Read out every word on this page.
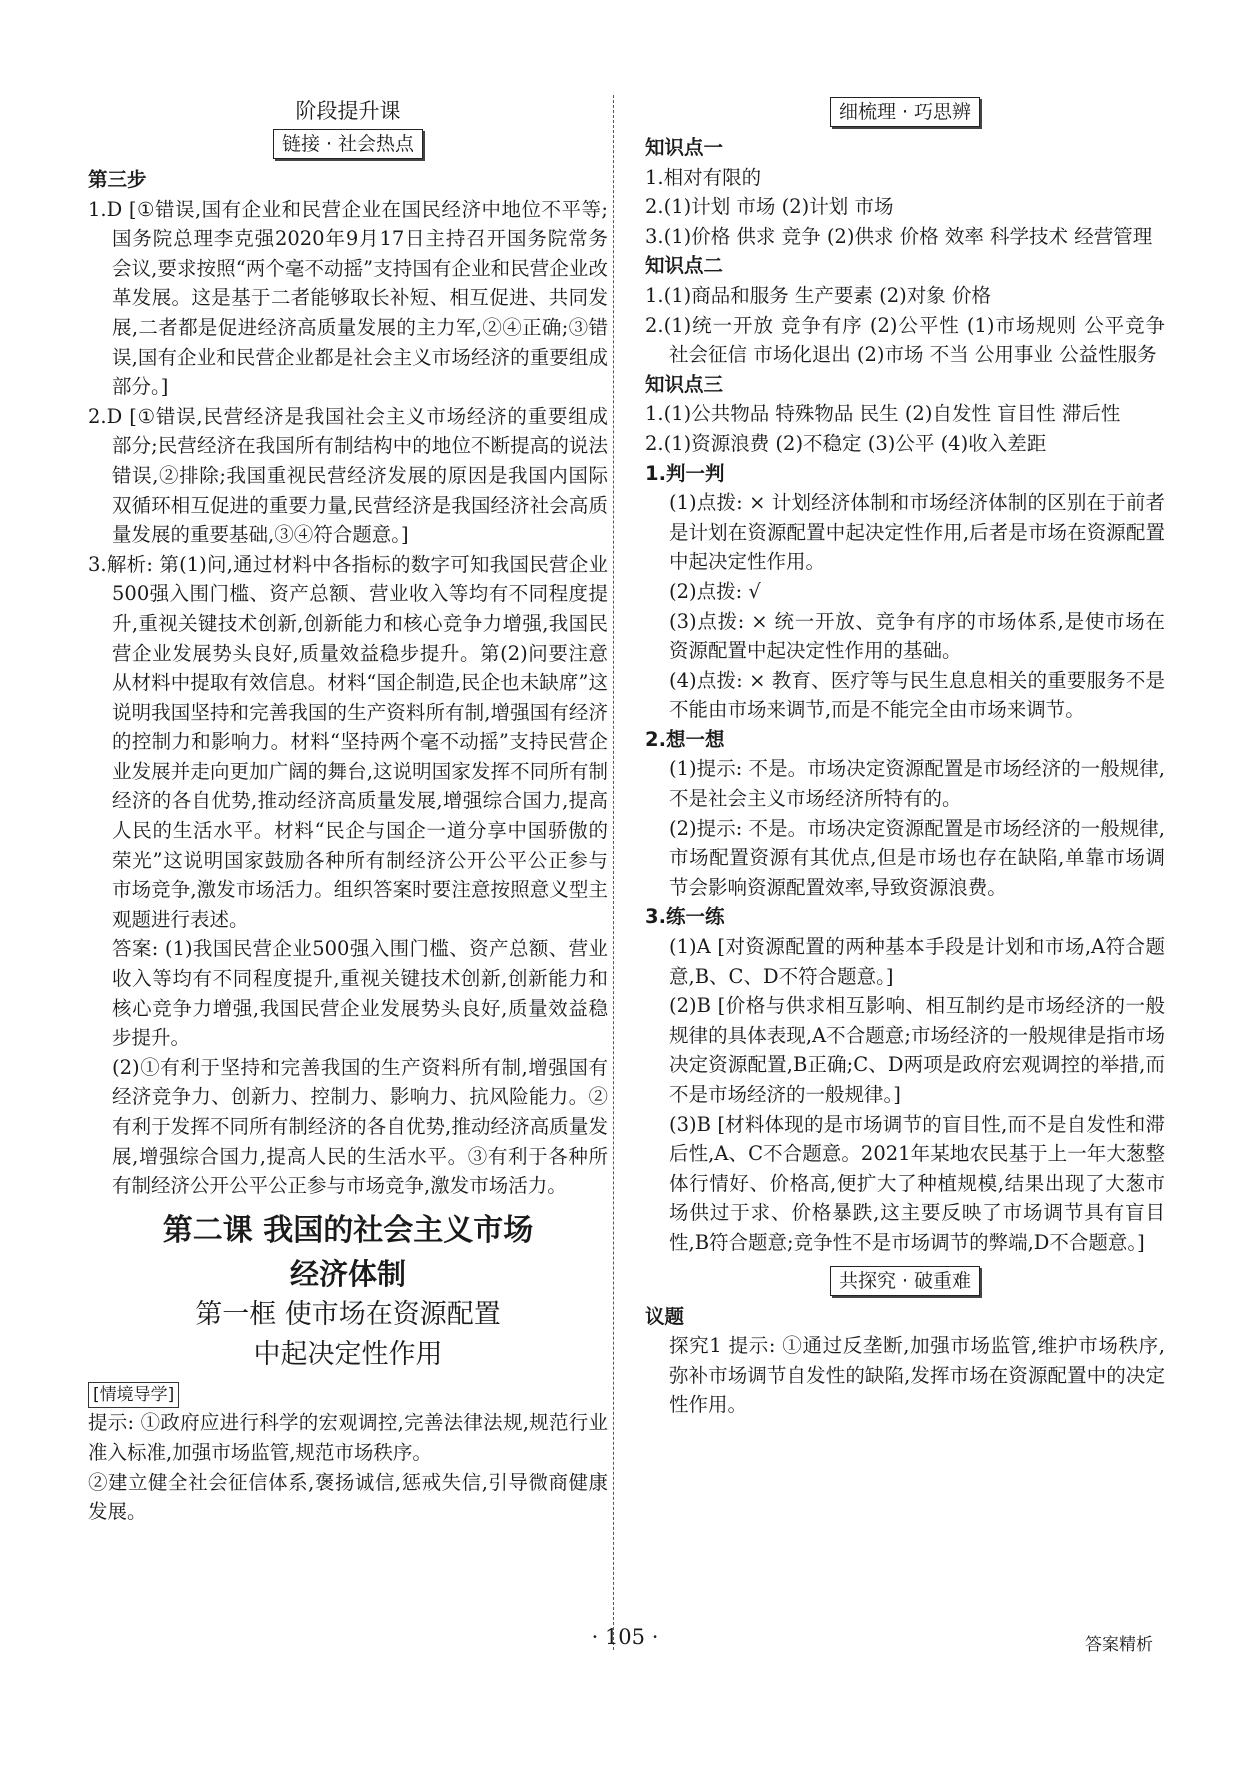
阶段提升课

链接 · 社会热点

第三步

1.D [①错误,国有企业和民营企业在国民经济中地位不平等;国务院总理李克强2020年9月17日主持召开国务院常务会议,要求按照“两个毫不动摇”支持国有企业和民营企业改革发展。这是基于二者能够取长补短、相互促进、共同发展,二者都是促进经济高质量发展的主力军,②④正确;③错误,国有企业和民营企业都是社会主义市场经济的重要组成部分。]

2.D [①错误,民营经济是我国社会主义市场经济的重要组成部分;民营经济在我国所有制结构中的地位不断提高的说法错误,②排除;我国重视民营经济发展的原因是我国内国际双循环相互促进的重要力量,民营经济是我国经济社会高质量发展的重要基础,③④符合题意。]

3.解析: 第(1)问,通过材料中各指标的数字可知我国民营企业500强入围门槛、资产总额、营业收入等均有不同程度提升,重视关键技术创新,创新能力和核心竞争力增强,我国民营企业发展势头良好,质量效益稳步提升。第(2)问要注意从材料中提取有效信息。材料“国企制造,民企也未缺席”这说明我国坚持和完善我国的生产资料所有制,增强国有经济的控制力和影响力。材料“坚持两个毫不动摇”支持民营企业发展并走向更加广阔的舞台,这说明国家发挥不同所有制经济的各自优势,推动经济高质量发展,增强综合国力,提高人民的生活水平。材料“民企与国企一道分享中国骄傲的荣光”这说明国家鼓励各种所有制经济公开公平公正参与市场竞争,激发市场活力。组织答案时要注意按照意义型主观题进行表述。

答案: (1)我国民营企业500强入围门槛、资产总额、营业收入等均有不同程度提升,重视关键技术创新,创新能力和核心竞争力增强,我国民营企业发展势头良好,质量效益稳步提升。

(2)①有利于坚持和完善我国的生产资料所有制,增强国有经济竞争力、创新力、控制力、影响力、抗风险能力。②有利于发挥不同所有制经济的各自优势,推动经济高质量发展,增强综合国力,提高人民的生活水平。③有利于各种所有制经济公开公平公正参与市场竞争,激发市场活力。

第二课 我国的社会主义市场

经济体制

第一框 使市场在资源配置

中起决定性作用

[情境导学]

提示: ①政府应进行科学的宏观调控,完善法律法规,规范行业准入标准,加强市场监管,规范市场秩序。

②建立健全社会征信体系,褒扬诚信,惩戒失信,引导微商健康发展。

细梳理 · 巧思辨

知识点一

1.相对有限的

2.(1)计划 市场 (2)计划 市场

3.(1)价格 供求 竞争 (2)供求 价格 效率 科学技术 经营管理

知识点二

1.(1)商品和服务 生产要素 (2)对象 价格

2.(1)统一开放 竞争有序 (2)公平性 (1)市场规则 公平竞争 社会征信 市场化退出 (2)市场 不当 公用事业 公益性服务

知识点三

1.(1)公共物品 特殊物品 民生 (2)自发性 盲目性 滞后性

2.(1)资源浪费 (2)不稳定 (3)公平 (4)收入差距

1.判一判

(1)点拨: × 计划经济体制和市场经济体制的区别在于前者是计划在资源配置中起决定性作用,后者是市场在资源配置中起决定性作用。

(2)点拨: √

(3)点拨: × 统一开放、竞争有序的市场体系,是使市场在资源配置中起决定性作用的基础。

(4)点拨: × 教育、医疗等与民生息息相关的重要服务不是不能由市场来调节,而是不能完全由市场来调节。

2.想一想

(1)提示: 不是。市场决定资源配置是市场经济的一般规律,不是社会主义市场经济所特有的。

(2)提示: 不是。市场决定资源配置是市场经济的一般规律,市场配置资源有其优点,但是市场也存在缺陷,单靠市场调节会影响资源配置效率,导致资源浪费。

3.练一练

(1)A [对资源配置的两种基本手段是计划和市场,A符合题意,B、C、D不符合题意。]

(2)B [价格与供求相互影响、相互制约是市场经济的一般规律的具体表现,A不合题意;市场经济的一般规律是指市场决定资源配置,B正确;C、D两项是政府宏观调控的举措,而不是市场经济的一般规律。]

(3)B [材料体现的是市场调节的盲目性,而不是自发性和滞后性,A、C不合题意。2021年某地农民基于上一年大葱整体行情好、价格高,便扩大了种植规模,结果出现了大葱市场供过于求、价格暴跌,这主要反映了市场调节具有盲目性,B符合题意;竞争性不是市场调节的弊端,D不合题意。]

共探究 · 破重难

议题

探究1 提示: ①通过反垄断,加强市场监管,维护市场秩序,弥补市场调节自发性的缺陷,发挥市场在资源配置中的决定性作用。

· 105 ·	答案精析
